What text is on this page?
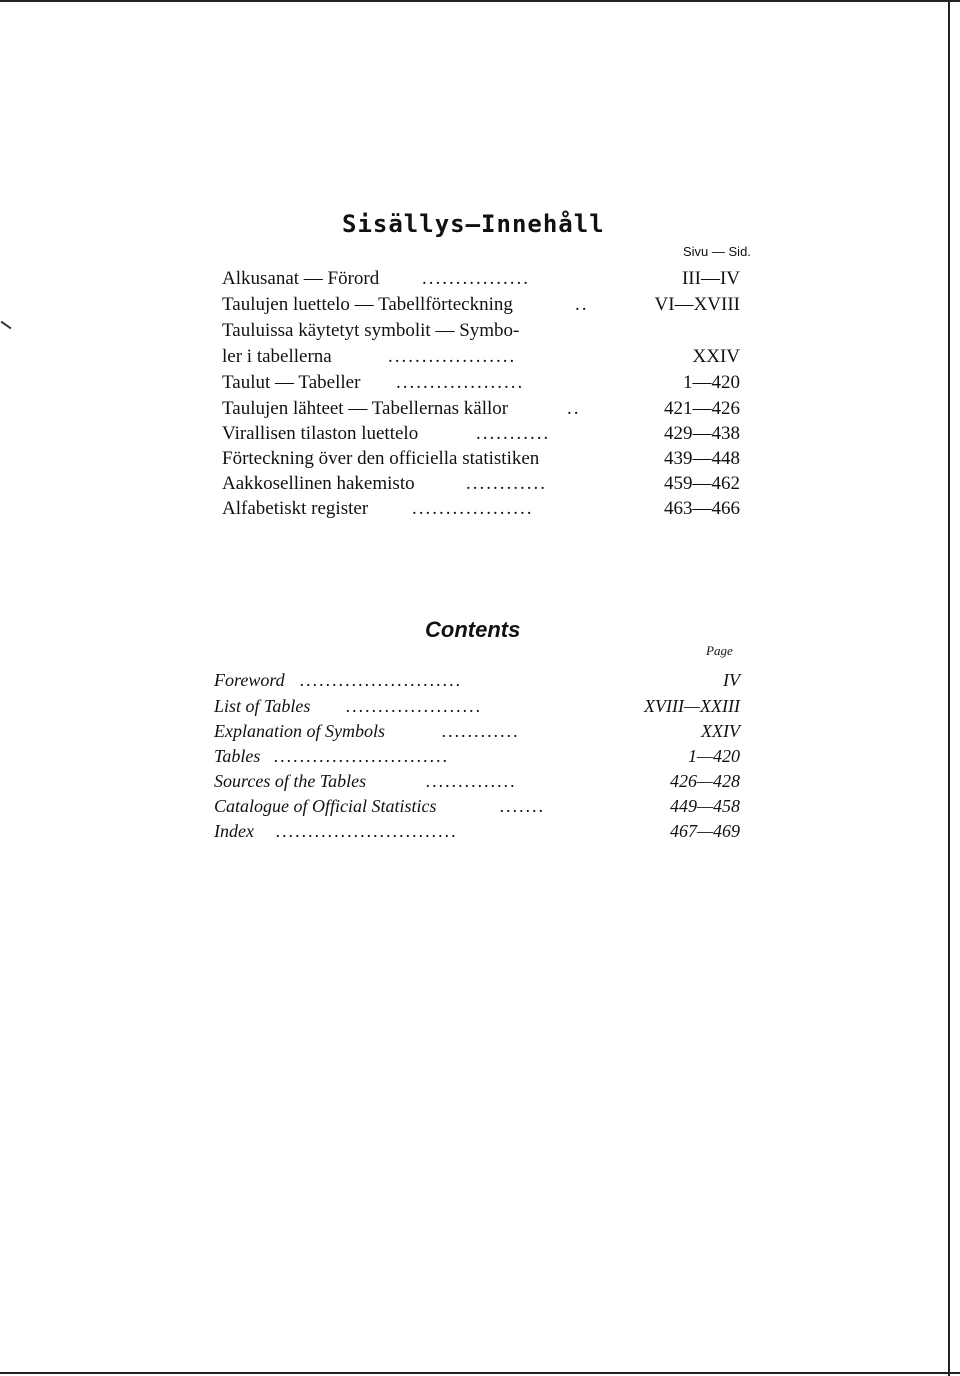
Sisällys—Innehåll
Sivu — Sid.
Alkusanat — Förord ................	III—IV
Taulujen luettelo — Tabellförteckning	..	VI—XVIII
Tauluissa käytetyt symbolit — Symbo-
ler i tabellerna	...................	XXIV
Taulut — Tabeller ...................	1—420
Taulujen lähteet — Tabellernas källor	..	421—426
Virallisen tilaston luettelo	...........	429—438
Förteckning över den officiella statistiken	439—448
Aakkosellinen hakemisto	............	459—462
Alfabetiskt register ..................	463—466
Contents
Page
Foreword .........................	IV
List of Tables .....................	XVIII—XXIII
Explanation of Symbols	............	XXIV
Tables ...........................	1—420
Sources of the Tables	..............	426—428
Catalogue of Official Statistics	.......	449—458
Index ............................	467—469
